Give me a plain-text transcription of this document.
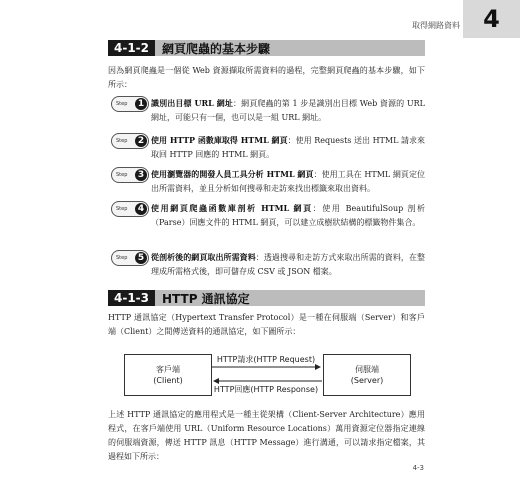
取得網路資料 4
4-1-2	網頁爬蟲的基本步驟
因為網頁爬蟲是一個從 Web 資源擷取所需資料的過程，完整網頁爬蟲的基本步驟，如下所示：
Step	1 識別出目標 URL 網址：網頁爬蟲的第 1 步是識別出目標 Web 資源的 URL 網址，可能只有一個，也可以是一組 URL 網址。
Step	2 使用 HTTP 函數庫取得 HTML 網頁：使用 Requests 送出 HTML 請求來取回 HTTP 回應的 HTML 網頁。
Step	3 使用瀏覽器的開發人員工具分析 HTML 網頁：使用工具在 HTML 網頁定位出所需資料，並且分析如何搜尋和走訪來找出標籤來取出資料。
Step	4 使用網頁爬蟲函數庫剖析 HTML 網頁：使用 BeautifulSoup 剖析（Parse）回應文件的 HTML 網頁，可以建立成樹狀結構的標籤物件集合。
Step	5 從剖析後的網頁取出所需資料：透過搜尋和走訪方式來取出所需的資料，在整理成所需格式後，即可儲存成 CSV 或 JSON 檔案。
4-1-3	HTTP 通訊協定
HTTP 通訊協定（Hypertext Transfer Protocol）是一種在伺服端（Server）和客戶端（Client）之間傳送資料的通訊協定，如下圖所示：
客戶端
(Client)
伺服端
(Server)
HTTP請求(HTTP Request)
HTTP回應(HTTP Response)
上述 HTTP 通訊協定的應用程式是一種主從架構（Client-Server Architecture）應用程式，在客戶端使用 URL（Uniform Resource Locations）萬用資源定位器指定連線的伺服端資源，傳送 HTTP 訊息（HTTP Message）進行溝通，可以請求指定檔案，其過程如下所示：
4-3
